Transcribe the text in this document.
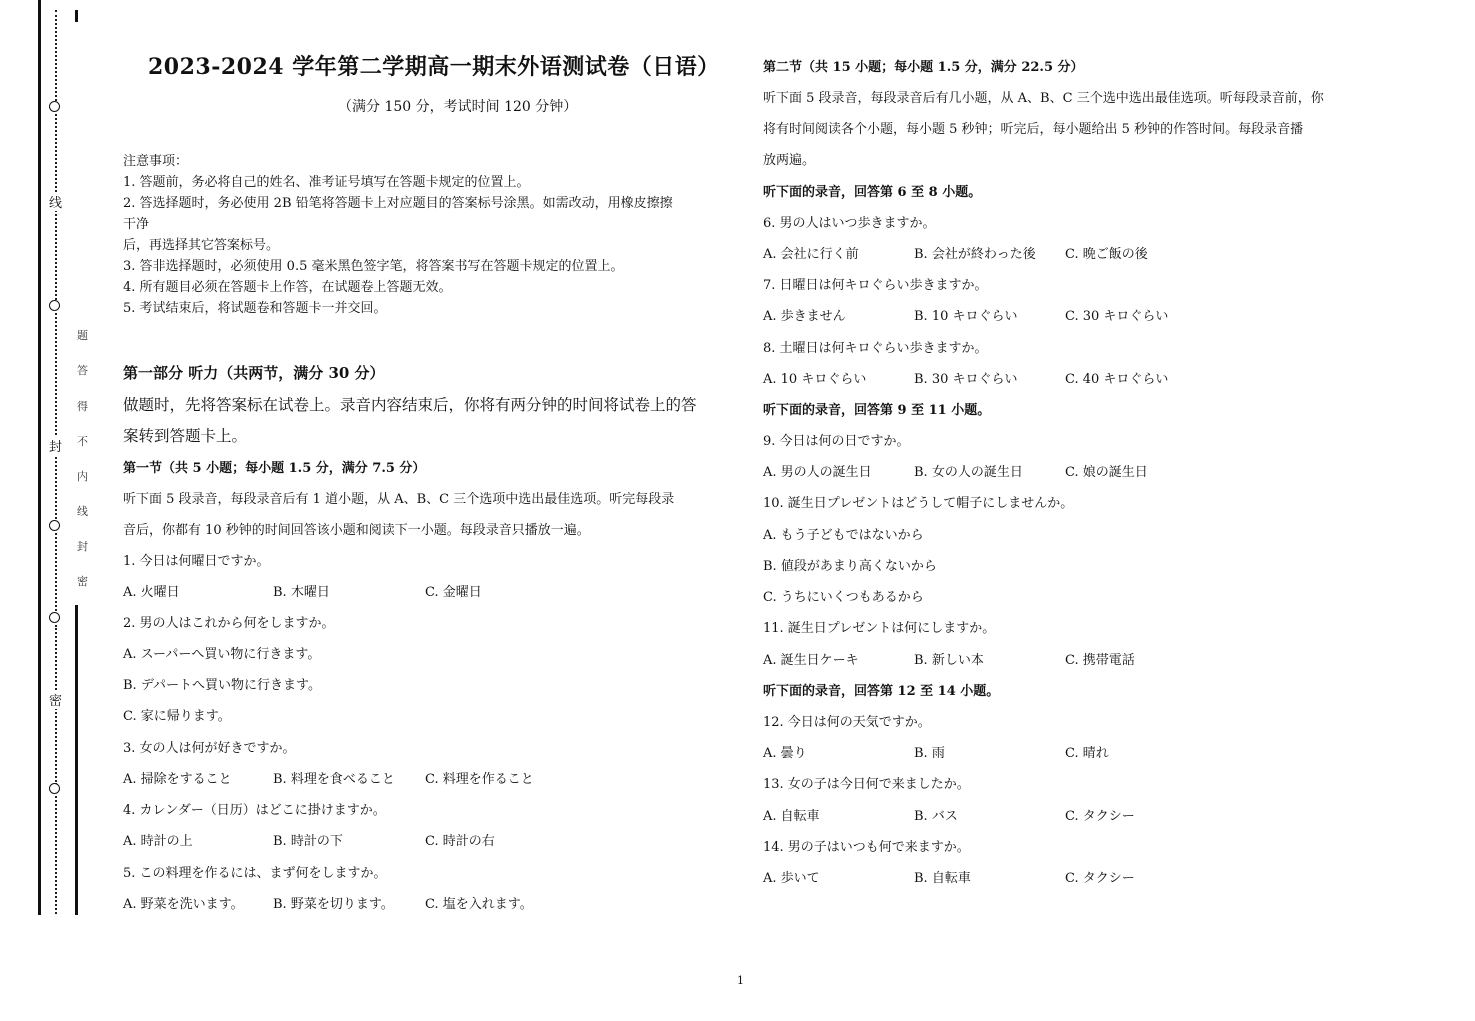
线
封
密
题
答
得
不
内
线
封
密
2023-2024 学年第二学期高一期末外语测试卷（日语）
（满分 150 分，考试时间 120 分钟）
注意事项：
1. 答题前，务必将自己的姓名、准考证号填写在答题卡规定的位置上。
2. 答选择题时，务必使用 2B 铅笔将答题卡上对应题目的答案标号涂黑。如需改动，用橡皮擦擦
干净
后，再选择其它答案标号。
3. 答非选择题时，必须使用 0.5 毫米黑色签字笔，将答案书写在答题卡规定的位置上。
4. 所有题目必须在答题卡上作答，在试题卷上答题无效。
5. 考试结束后，将试题卷和答题卡一并交回。
第一部分 听力（共两节，满分 30 分）
做题时，先将答案标在试卷上。录音内容结束后，你将有两分钟的时间将试卷上的答
案转到答题卡上。
第一节（共 5 小题；每小题 1.5 分，满分 7.5 分）
听下面 5 段录音，每段录音后有 1 道小题，从 A、B、C 三个选项中选出最佳选项。听完每段录
音后，你都有 10 秒钟的时间回答该小题和阅读下一小题。每段录音只播放一遍。
1. 今日は何曜日ですか。
A. 火曜日	B. 木曜日	C. 金曜日
2. 男の人はこれから何をしますか。
A. スーパーへ買い物に行きます。
B. デパートへ買い物に行きます。
C. 家に帰ります。
3. 女の人は何が好きですか。
A. 掃除をすること	B. 料理を食べること C. 料理を作ること
4. カレンダー（日历）はどこに掛けますか。
A. 時計の上	B. 時計の下	C. 時計の右
5. この料理を作るには、まず何をしますか。
A. 野菜を洗います。 B. 野菜を切ります。 C. 塩を入れます。
第二节（共 15 小题；每小题 1.5 分，满分 22.5 分）
听下面 5 段录音，每段录音后有几小题，从 A、B、C 三个选中选出最佳选项。听每段录音前，你
将有时间阅读各个小题，每小题 5 秒钟；听完后，每小题给出 5 秒钟的作答时间。每段录音播
放两遍。
听下面的录音，回答第 6 至 8 小题。
6. 男の人はいつ歩きますか。
A. 会社に行く前	B. 会社が終わった後 C. 晩ご飯の後
7. 日曜日は何キロぐらい歩きますか。
A. 歩きません	B. 10 キロぐらい	C. 30 キロぐらい
8. 土曜日は何キロぐらい歩きますか。
A. 10 キロぐらい	B. 30 キロぐらい	C. 40 キロぐらい
听下面的录音，回答第 9 至 11 小题。
9. 今日は何の日ですか。
A. 男の人の誕生日	B. 女の人の誕生日	C. 娘の誕生日
10. 誕生日プレゼントはどうして帽子にしませんか。
A. もう子どもではないから
B. 値段があまり高くないから
C. うちにいくつもあるから
11. 誕生日プレゼントは何にしますか。
A. 誕生日ケーキ	B. 新しい本	C. 携帯電話
听下面的录音，回答第 12 至 14 小题。
12. 今日は何の天気ですか。
A. 曇り	B. 雨	C. 晴れ
13. 女の子は今日何で来ましたか。
A. 自転車	B. バス	C. タクシー
14. 男の子はいつも何で来ますか。
A. 歩いて	B. 自転車	C. タクシー
1
